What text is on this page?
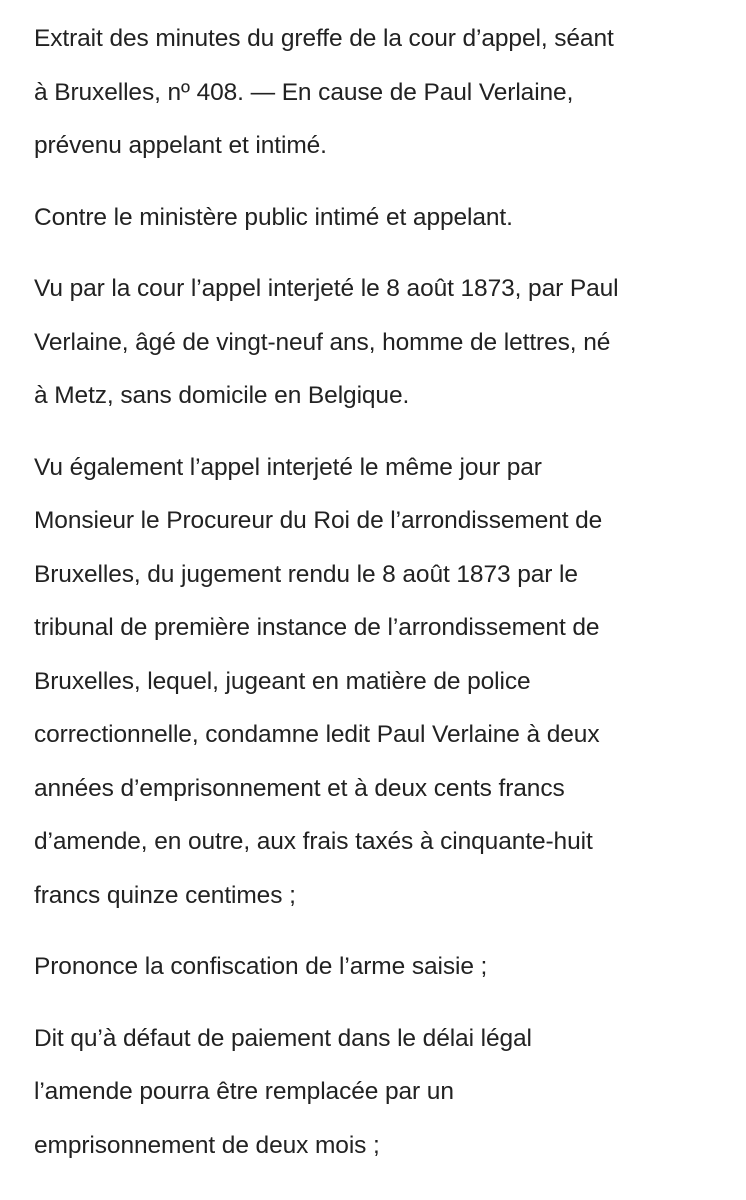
Extrait des minutes du greffe de la cour d’appel, séant
à Bruxelles, nº 408. — En cause de Paul Verlaine,
prévenu appelant et intimé.

Contre le ministère public intimé et appelant.

Vu par la cour l’appel interjeté le 8 août 1873, par Paul
Verlaine, âgé de vingt-neuf ans, homme de lettres, né
à Metz, sans domicile en Belgique.

Vu également l’appel interjeté le même jour par
Monsieur le Procureur du Roi de l’arrondissement de
Bruxelles, du jugement rendu le 8 août 1873 par le
tribunal de première instance de l’arrondissement de
Bruxelles, lequel, jugeant en matière de police
correctionnelle, condamne ledit Paul Verlaine à deux
années d’emprisonnement et à deux cents francs
d’amende, en outre, aux frais taxés à cinquante-huit
francs quinze centimes ;

Prononce la confiscation de l’arme saisie ;

Dit qu’à défaut de paiement dans le délai légal
l’amende pourra être remplacée par un
emprisonnement de deux mois ;
